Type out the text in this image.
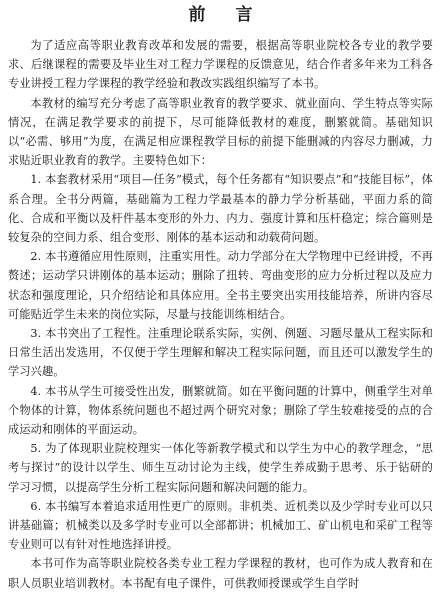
前 言

为了适应高等职业教育改革和发展的需要，根据高等职业院校各专业的教学要求、后继课程的需要及毕业生对工程力学课程的反馈意见，结合作者多年来为工科各专业讲授工程力学课程的教学经验和教改实践组织编写了本书。

本教材的编写充分考虑了高等职业教育的教学要求、就业面向、学生特点等实际情况，在满足教学要求的前提下，尽可能降低教材的难度，删繁就简。基础知识以“必需、够用”为度，在满足相应课程教学目标的前提下能删减的内容尽力删减，力求贴近职业教育的教学。主要特色如下：

1. 本套教材采用“项目—任务”模式，每个任务都有“知识要点”和“技能目标”，体系合理。全书分两篇，基础篇为工程力学最基本的静力学分析基础，平面力系的简化、合成和平衡以及杆件基本变形的外力、内力、强度计算和压杆稳定；综合篇则是较复杂的空间力系、组合变形、刚体的基本运动和动载荷问题。

2. 本书遵循应用性原则，注重实用性。动力学部分在大学物理中已经讲授，不再赘述；运动学只讲刚体的基本运动；删除了扭转、弯曲变形的应力分析过程以及应力状态和强度理论，只介绍结论和具体应用。全书主要突出实用技能培养，所讲内容尽可能贴近学生未来的岗位实际，尽量与技能训练相结合。

3. 本书突出了工程性。注重理论联系实际，实例、例题、习题尽量从工程实际和日常生活出发选用，不仅便于学生理解和解决工程实际问题，而且还可以激发学生的学习兴趣。

4. 本书从学生可接受性出发，删繁就简。如在平衡问题的计算中，侧重学生对单个物体的计算，物体系统问题也不超过两个研究对象；删除了学生较难接受的点的合成运动和刚体的平面运动。

5. 为了体现职业院校理实一体化等新教学模式和以学生为中心的教学理念，“思考与探讨”的设计以学生、师生互动讨论为主线，使学生养成勤于思考、乐于钻研的学习习惯，以提高学生分析工程实际问题和解决问题的能力。

6. 本书编写本着追求适用性更广的原则。非机类、近机类以及少学时专业可以只讲基础篇；机械类以及多学时专业可以全部都讲；机械加工、矿山机电和采矿工程等专业则可以有针对性地选择讲授。

本书可作为高等职业院校各类专业工程力学课程的教材，也可作为成人教育和在职人员职业培训教材。本书配有电子课件，可供教师授课或学生自学时
